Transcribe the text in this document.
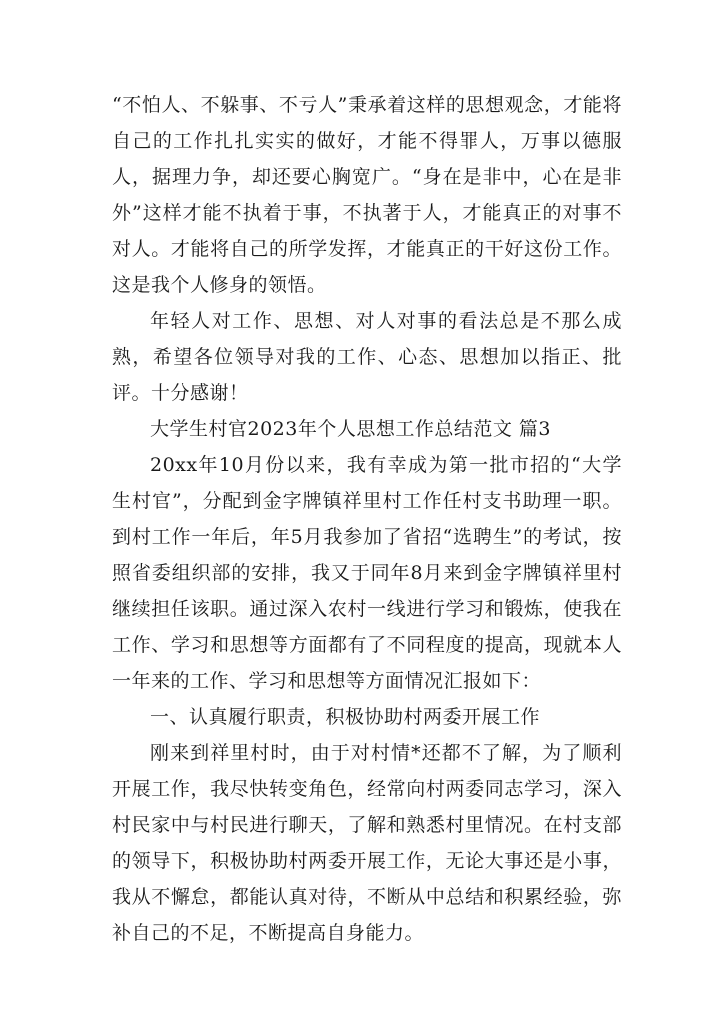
“不怕人、不躲事、不亏人”秉承着这样的思想观念，才能将自己的工作扎扎实实的做好，才能不得罪人，万事以德服人，据理力争，却还要心胸宽广。“身在是非中，心在是非外”这样才能不执着于事，不执著于人，才能真正的对事不对人。才能将自己的所学发挥，才能真正的干好这份工作。这是我个人修身的领悟。

年轻人对工作、思想、对人对事的看法总是不那么成熟，希望各位领导对我的工作、心态、思想加以指正、批评。十分感谢！

大学生村官2023年个人思想工作总结范文 篇3

20xx年10月份以来，我有幸成为第一批市招的“大学生村官”，分配到金字牌镇祥里村工作任村支书助理一职。到村工作一年后，年5月我参加了省招“选聘生”的考试，按照省委组织部的安排，我又于同年8月来到金字牌镇祥里村继续担任该职。通过深入农村一线进行学习和锻炼，使我在工作、学习和思想等方面都有了不同程度的提高，现就本人一年来的工作、学习和思想等方面情况汇报如下：

一、认真履行职责，积极协助村两委开展工作

刚来到祥里村时，由于对村情*还都不了解，为了顺利开展工作，我尽快转变角色，经常向村两委同志学习，深入村民家中与村民进行聊天，了解和熟悉村里情况。在村支部的领导下，积极协助村两委开展工作，无论大事还是小事，我从不懈怠，都能认真对待，不断从中总结和积累经验，弥补自己的不足，不断提高自身能力。
